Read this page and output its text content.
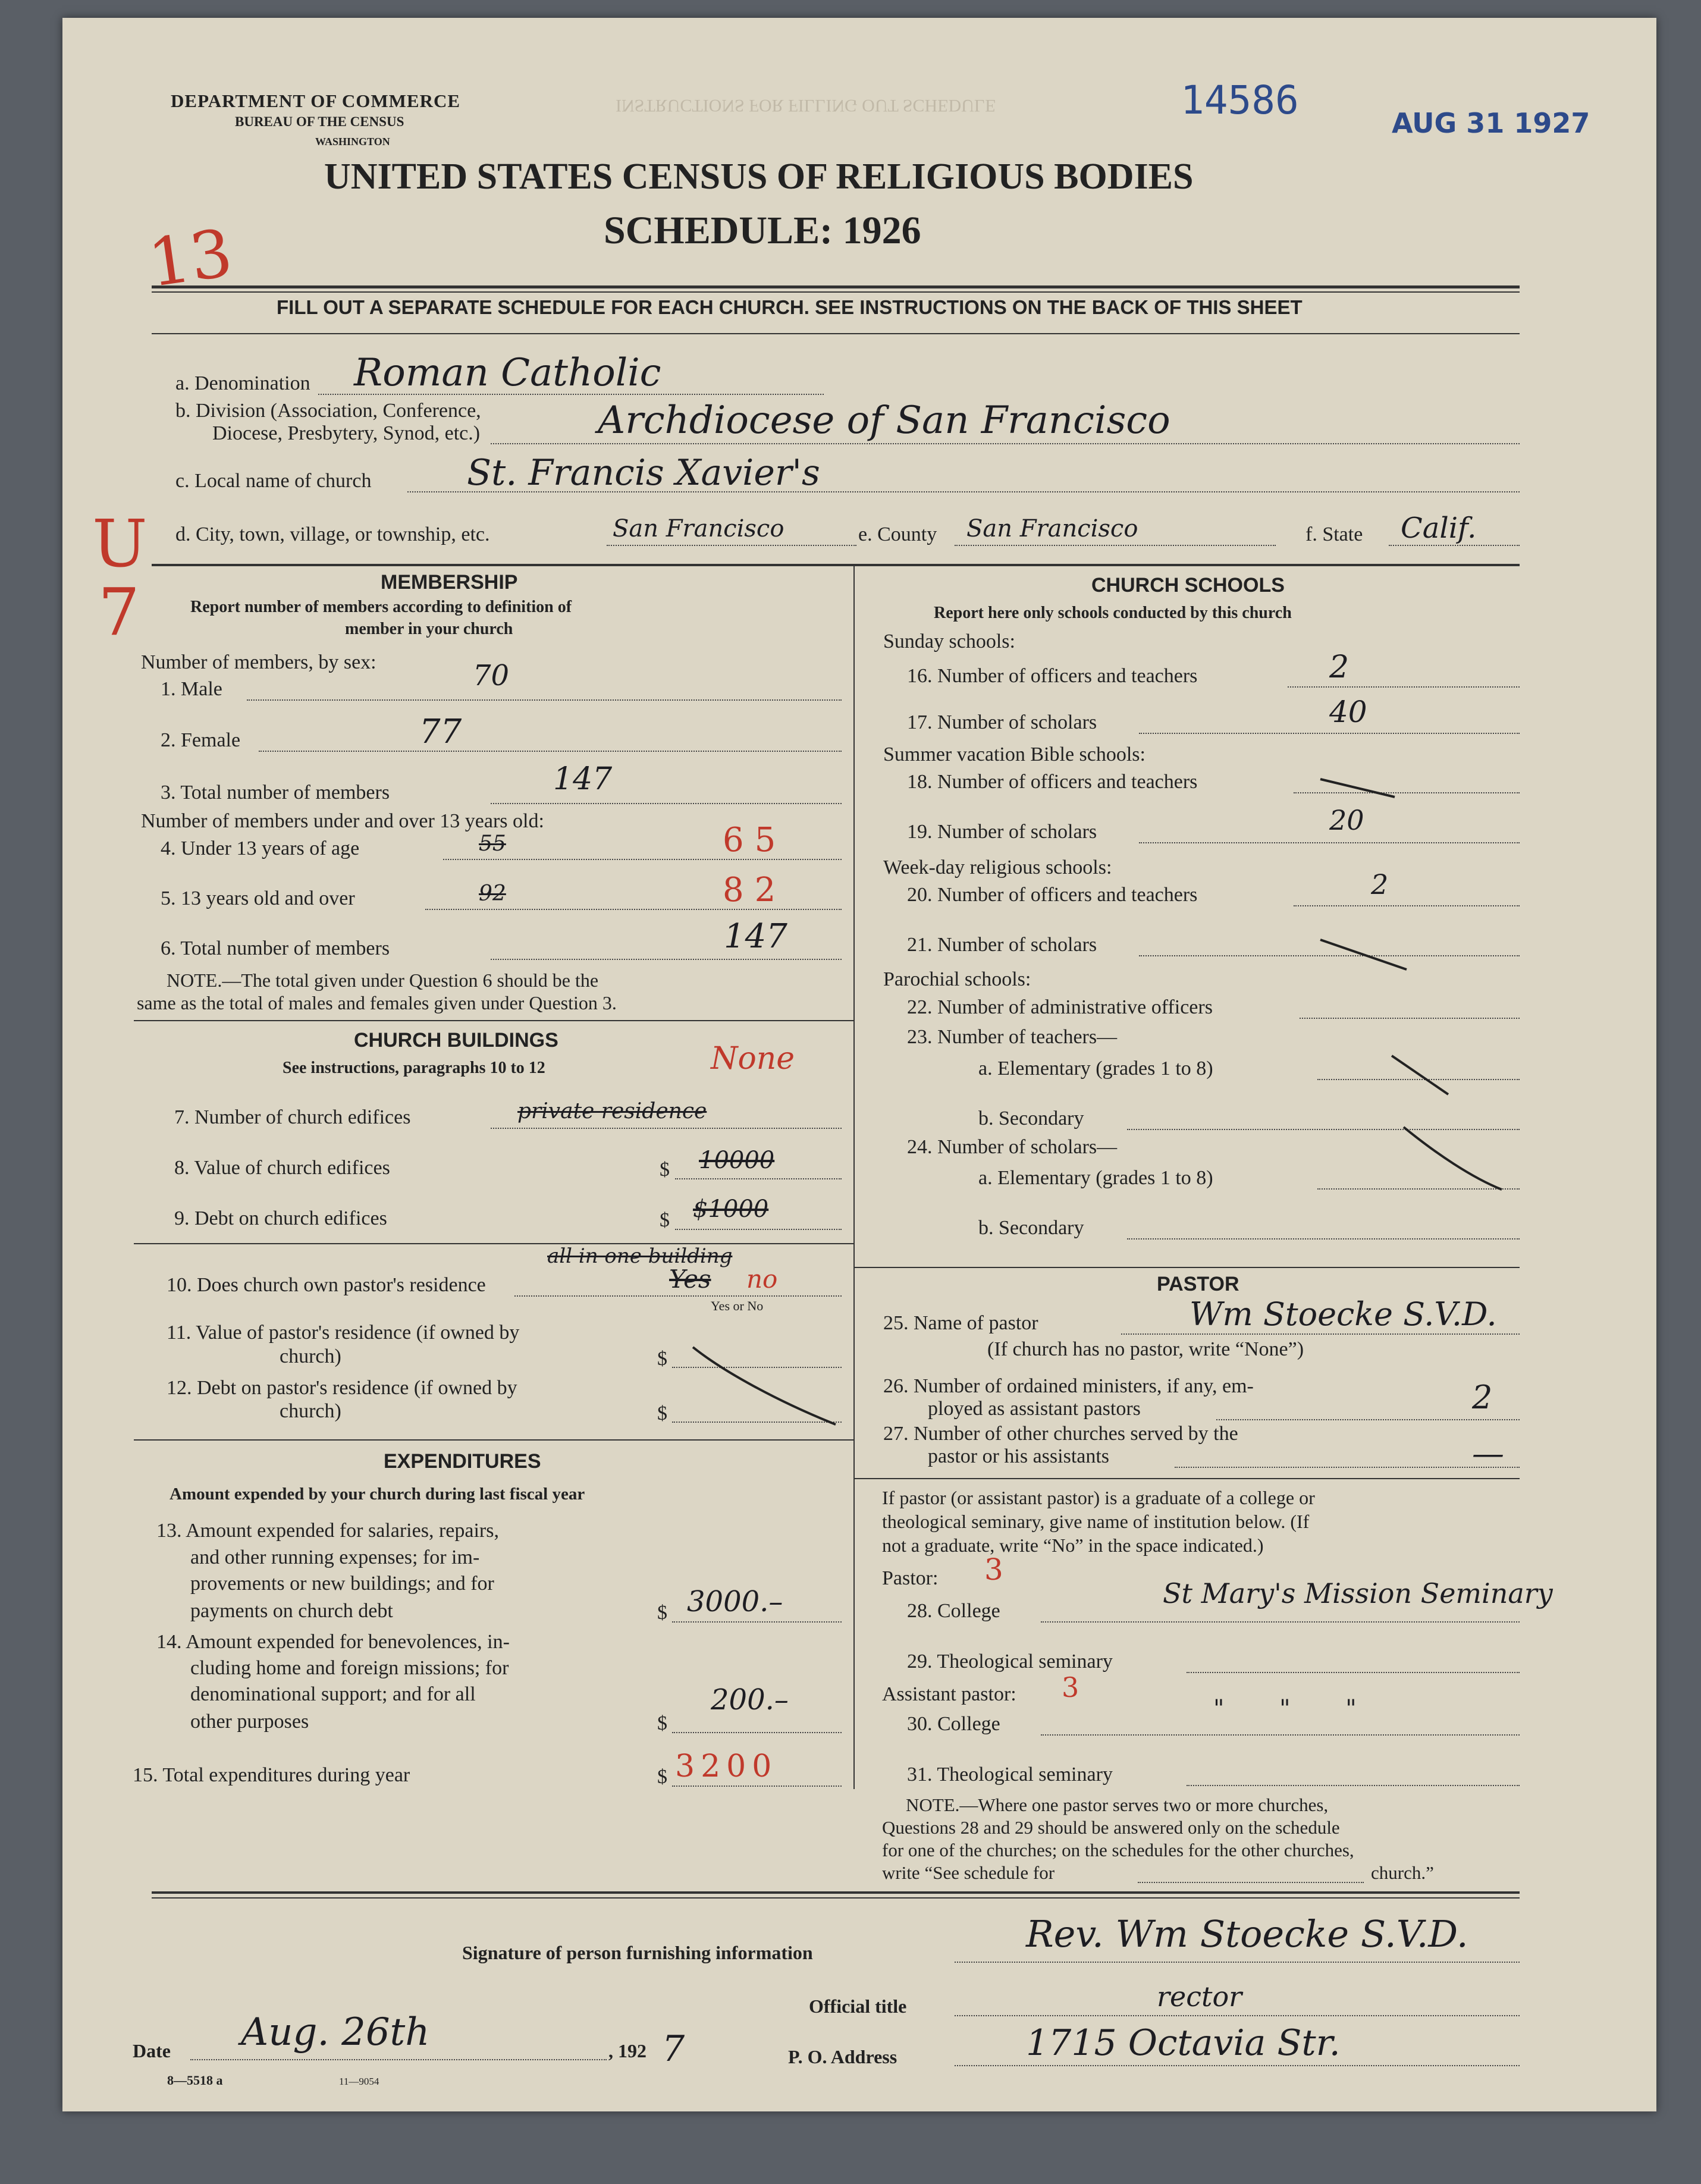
DEPARTMENT OF COMMERCE
BUREAU OF THE CENSUS
WASHINGTON
INSTRUCTIONS FOR FILLING OUT SCHEDULE	14586	AUG 31 1927
UNITED STATES CENSUS OF RELIGIOUS BODIES
SCHEDULE: 1926
13
FILL OUT A SEPARATE SCHEDULE FOR EACH CHURCH. SEE INSTRUCTIONS ON THE BACK OF THIS SHEET
a. Denomination Roman Catholic
b. Division (Association, Conference,
Diocese, Presbytery, Synod, etc.)	Archdiocese of San Francisco
c. Local name of church	St. Francis Xavier's
U
7
d. City, town, village, or township, etc.	San Francisco	e. County San Francisco	f. State Calif.
MEMBERSHIP
Report number of members according to definition of
member in your church
Number of members, by sex:
1. Male	70
2. Female	77
3. Total number of members	147
Number of members under and over 13 years old:
4. Under 13 years of age	55	65
5. 13 years old and over	92	82
6. Total number of members	147
NOTE.—The total given under Question 6 should be the
same as the total of males and females given under Question 3.
CHURCH BUILDINGS
See instructions, paragraphs 10 to 12	None
7. Number of church edifices	private residence
8. Value of church edifices	$ 10000
9. Debt on church edifices	$ $1000
all in one building
10. Does church own pastor's residence	Yes no
Yes or No
11. Value of pastor's residence (if owned by
church)	$
12. Debt on pastor's residence (if owned by
church)	$
EXPENDITURES
Amount expended by your church during last fiscal year
13. Amount expended for salaries, repairs,
and other running expenses; for im-
provements or new buildings; and for
payments on church debt	$ 3000.–
14. Amount expended for benevolences, in-
cluding home and foreign missions; for
denominational support; and for all
other purposes	$
200.–
15. Total expenditures during year	$ 3200
CHURCH SCHOOLS
Report here only schools conducted by this church
Sunday schools:
16. Number of officers and teachers	2
17. Number of scholars	40
Summer vacation Bible schools:
18. Number of officers and teachers
19. Number of scholars	20
Week-day religious schools:
20. Number of officers and teachers	2
21. Number of scholars
Parochial schools:
22. Number of administrative officers
23. Number of teachers—
a. Elementary (grades 1 to 8)
b. Secondary
24. Number of scholars—
a. Elementary (grades 1 to 8)
b. Secondary
PASTOR
25. Name of pastor	Wm Stoecke S.V.D.
(If church has no pastor, write “None”)
26. Number of ordained ministers, if any, em-
ployed as assistant pastors	2
27. Number of other churches served by the
pastor or his assistants	—
If pastor (or assistant pastor) is a graduate of a college or
theological seminary, give name of institution below. (If
not a graduate, write “No” in the space indicated.)
Pastor: 3
28. College
St Mary's Mission Seminary
29. Theological seminary
Assistant pastor: 3
30. College
" " "
31. Theological seminary
NOTE.—Where one pastor serves two or more churches,
Questions 28 and 29 should be answered only on the schedule
for one of the churches; on the schedules for the other churches,
write “See schedule for	church.”
Signature of person furnishing information	Rev. Wm Stoecke S.V.D.
Official title	rector
Date Aug. 26th	, 192 7	P. O. Address	1715 Octavia Str.
8—5518 a	11—9054
